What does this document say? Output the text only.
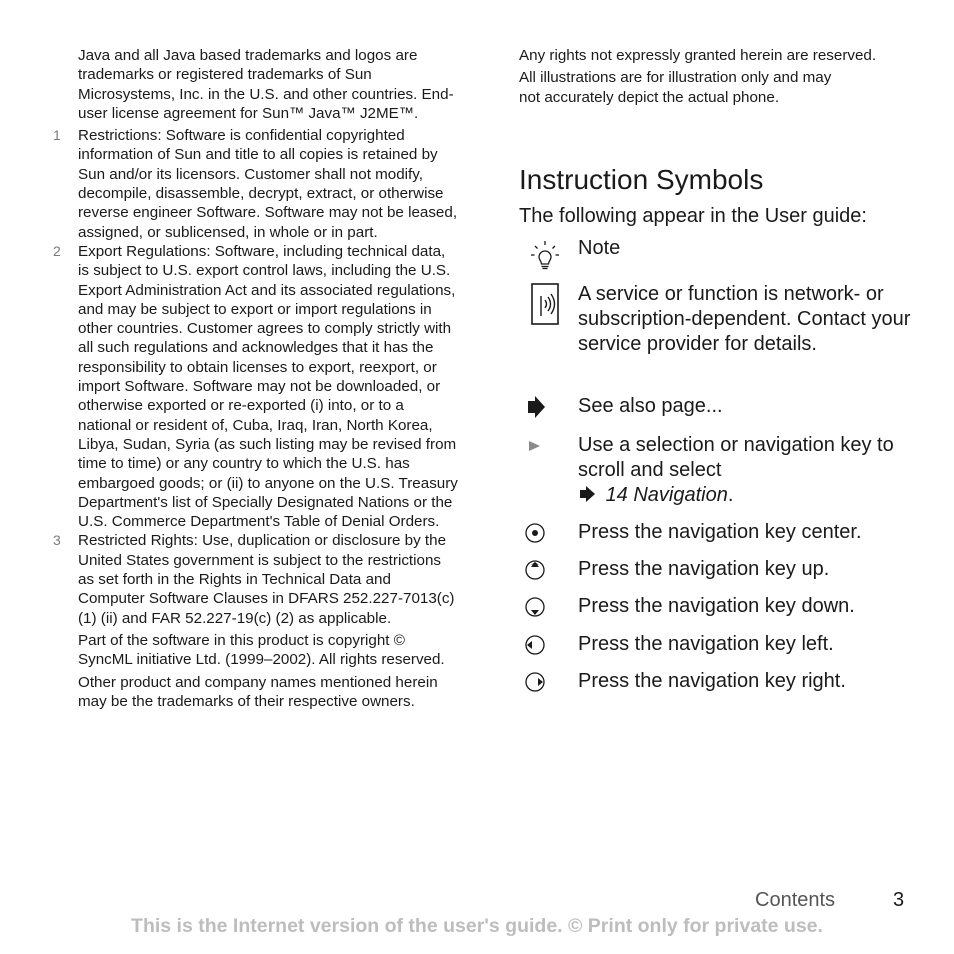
Java and all Java based trademarks and logos are trademarks or registered trademarks of Sun Microsystems, Inc. in the U.S. and other countries. End-user license agreement for Sun™ Java™ J2ME™.

1 Restrictions: Software is confidential copyrighted information of Sun and title to all copies is retained by Sun and/or its licensors. Customer shall not modify, decompile, disassemble, decrypt, extract, or otherwise reverse engineer Software. Software may not be leased, assigned, or sublicensed, in whole or in part.
2 Export Regulations: Software, including technical data, is subject to U.S. export control laws, including the U.S. Export Administration Act and its associated regulations, and may be subject to export or import regulations in other countries. Customer agrees to comply strictly with all such regulations and acknowledges that it has the responsibility to obtain licenses to export, reexport, or import Software. Software may not be downloaded, or otherwise exported or re-exported (i) into, or to a national or resident of, Cuba, Iraq, Iran, North Korea, Libya, Sudan, Syria (as such listing may be revised from time to time) or any country to which the U.S. has embargoed goods; or (ii) to anyone on the U.S. Treasury Department's list of Specially Designated Nations or the U.S. Commerce Department's Table of Denial Orders.
3 Restricted Rights: Use, duplication or disclosure by the United States government is subject to the restrictions as set forth in the Rights in Technical Data and Computer Software Clauses in DFARS 252.227-7013(c) (1) (ii) and FAR 52.227-19(c) (2) as applicable.

Part of the software in this product is copyright © SyncML initiative Ltd. (1999–2002). All rights reserved.

Other product and company names mentioned herein may be the trademarks of their respective owners.

Any rights not expressly granted herein are reserved.

All illustrations are for illustration only and may not accurately depict the actual phone.

Instruction Symbols

The following appear in the User guide:

Note
A service or function is network- or subscription-dependent. Contact your service provider for details.
See also page...
Use a selection or navigation key to scroll and select
14 Navigation.
Press the navigation key center.
Press the navigation key up.
Press the navigation key down.
Press the navigation key left.
Press the navigation key right.
Contents	3
This is the Internet version of the user's guide. © Print only for private use.
